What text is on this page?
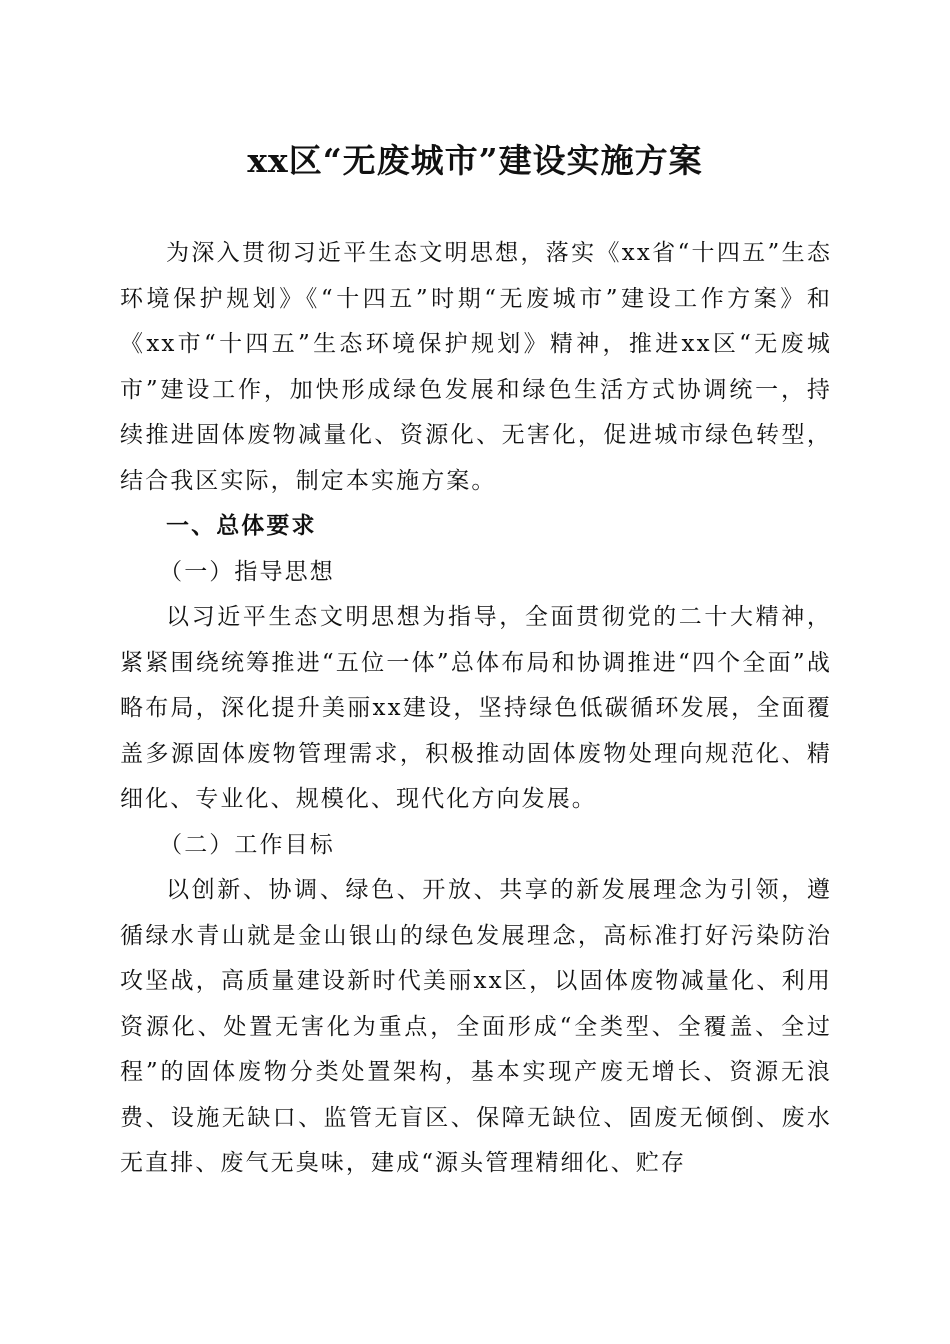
xx区“无废城市”建设实施方案

为深入贯彻习近平生态文明思想，落实《xx省“十四五”生态环境保护规划》《“十四五”时期“无废城市”建设工作方案》和《xx市“十四五”生态环境保护规划》精神，推进xx区“无废城市”建设工作，加快形成绿色发展和绿色生活方式协调统一，持续推进固体废物减量化、资源化、无害化，促进城市绿色转型，结合我区实际，制定本实施方案。

一、总体要求

（一）指导思想

以习近平生态文明思想为指导，全面贯彻党的二十大精神，紧紧围绕统筹推进“五位一体”总体布局和协调推进“四个全面”战略布局，深化提升美丽xx建设，坚持绿色低碳循环发展，全面覆盖多源固体废物管理需求，积极推动固体废物处理向规范化、精细化、专业化、规模化、现代化方向发展。

（二）工作目标

以创新、协调、绿色、开放、共享的新发展理念为引领，遵循绿水青山就是金山银山的绿色发展理念，高标准打好污染防治攻坚战，高质量建设新时代美丽xx区，以固体废物减量化、利用资源化、处置无害化为重点，全面形成“全类型、全覆盖、全过程”的固体废物分类处置架构，基本实现产废无增长、资源无浪费、设施无缺口、监管无盲区、保障无缺位、固废无倾倒、废水无直排、废气无臭味，建成“源头管理精细化、贮存
